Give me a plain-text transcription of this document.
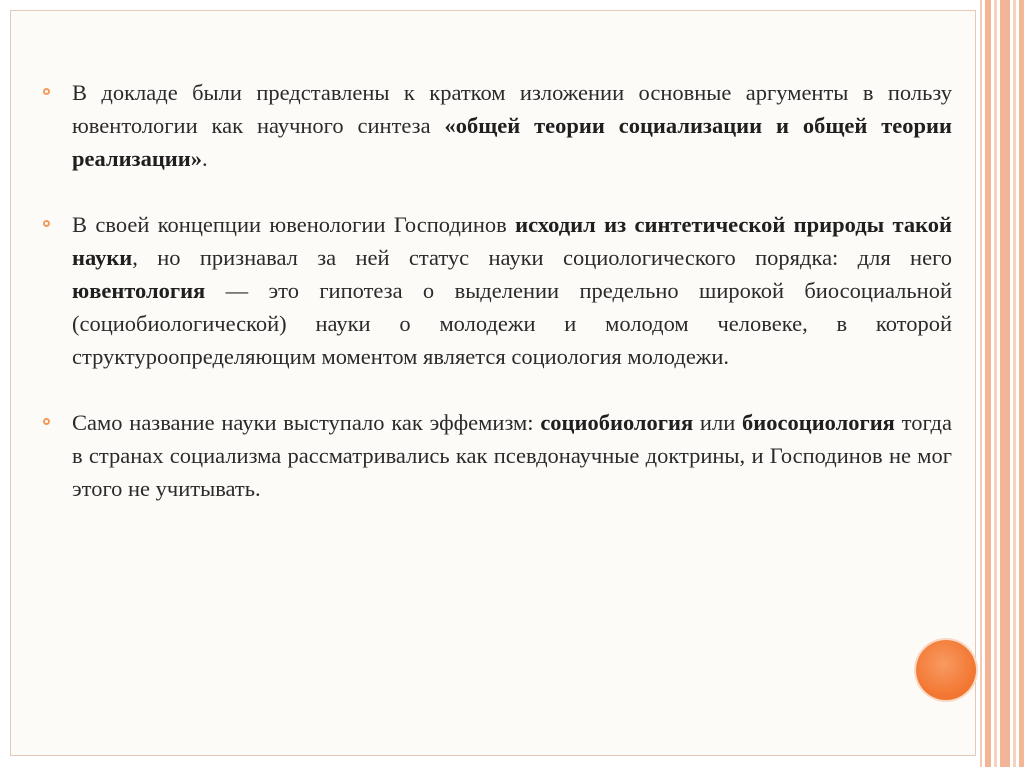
В докладе были представлены к кратком изложении основные аргументы в пользу ювентологии как научного синтеза «общей теории социализации и общей теории реализации».

В своей концепции ювенологии Господинов исходил из синтетической природы такой науки, но признавал за ней статус науки социологического порядка: для него ювентология — это гипотеза о выделении предельно широкой биосоциальной (социобиологической) науки о молодежи и молодом человеке, в которой структуроопределяющим моментом является социология молодежи.

Само название науки выступало как эффемизм: социобиология или биосоциология тогда в странах социализма рассматривались как псевдонаучные доктрины, и Господинов не мог этого не учитывать.
